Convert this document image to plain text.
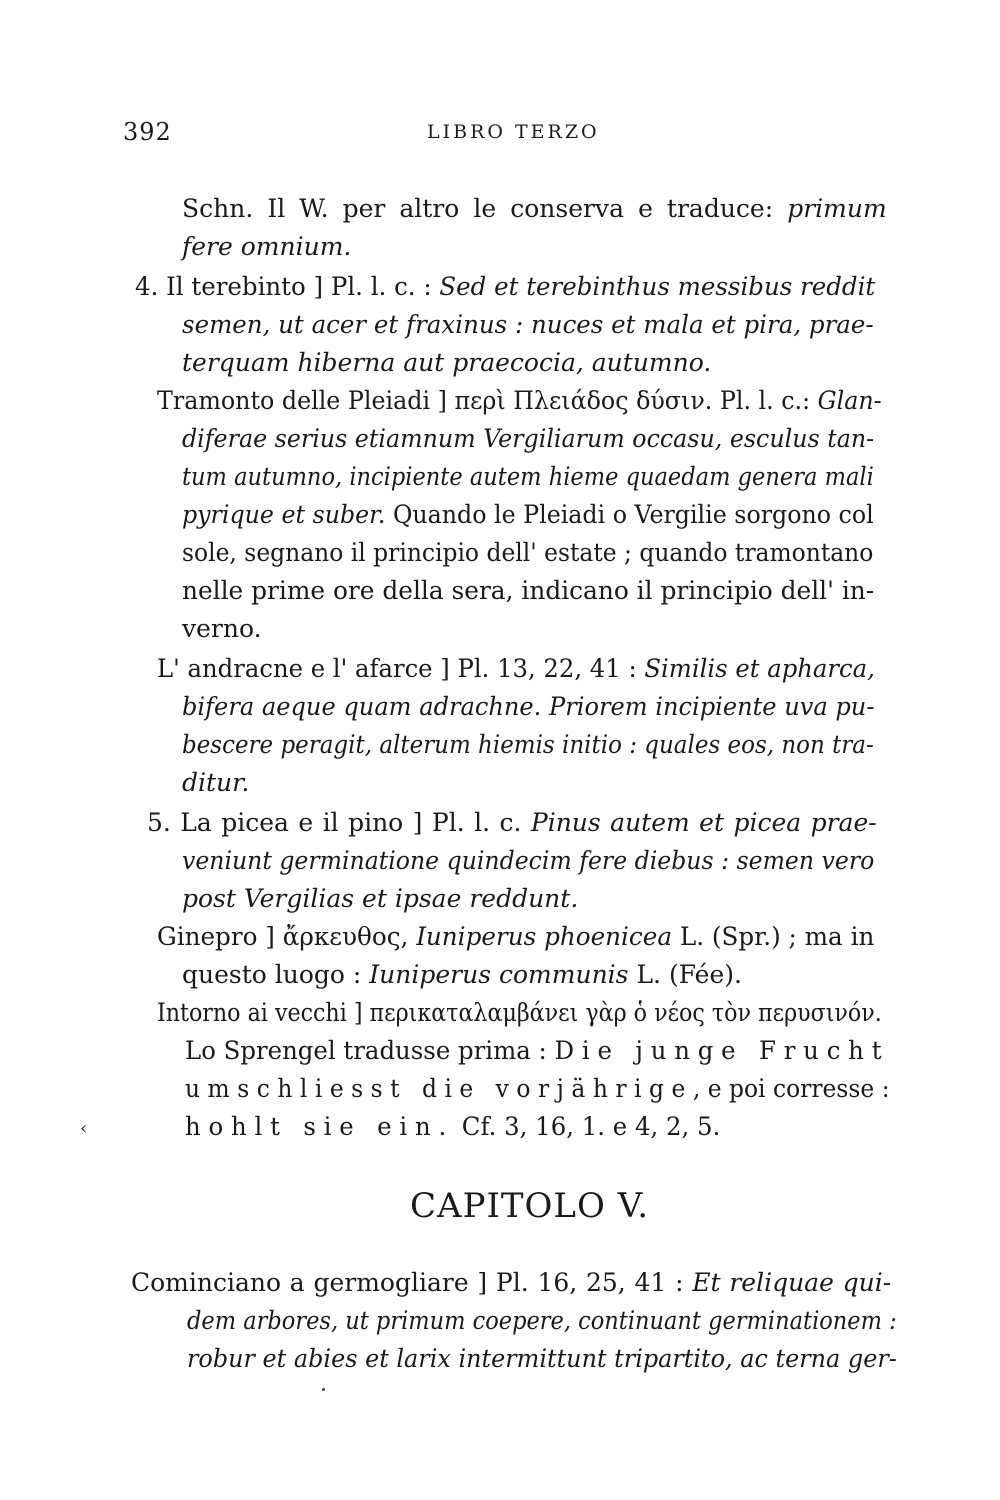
392	LIBRO TERZO
Schn. Il W. per altro le conserva e traduce: primum
fere omnium.
4. Il terebinto ] Pl. l. c. : Sed et terebinthus messibus reddit
semen, ut acer et fraxinus : nuces et mala et pira, prae-
terquam hiberna aut praecocia, autumno.
Tramonto delle Pleiadi ] περὶ Πλειάδος δύσιν. Pl. l. c.: Glan-
diferae serius etiamnum Vergiliarum occasu, esculus tan-
tum autumno, incipiente autem hieme quaedam genera mali
pyrique et suber. Quando le Pleiadi o Vergilie sorgono col
sole, segnano il principio dell' estate ; quando tramontano
nelle prime ore della sera, indicano il principio dell' in-
verno.
L' andracne e l' afarce ] Pl. 13, 22, 41 : Similis et apharca,
bifera aeque quam adrachne. Priorem incipiente uva pu-
bescere peragit, alterum hiemis initio : quales eos, non tra-
ditur.
5. La picea e il pino ] Pl. l. c. Pinus autem et picea prae-
veniunt germinatione quindecim fere diebus : semen vero
post Vergilias et ipsae reddunt.
Ginepro ] ἄρκευθος, Iuniperus phoenicea L. (Spr.) ; ma in
questo luogo : Iuniperus communis L. (Fée).
Intorno ai vecchi ] περικαταλαμβάνει γὰρ ὁ νέος τὸν περυσινόν.
Lo Sprengel tradusse prima : Die junge Frucht
umschliesst die vorjährige, e poi corresse :
hohlt sie ein. Cf. 3, 16, 1. e 4, 2, 5.
Cominciano a germogliare ] Pl. 16, 25, 41 : Et reliquae qui-
dem arbores, ut primum coepere, continuant germinationem :
robur et abies et larix intermittunt tripartito, ac terna ger-
‹
CAPITOLO V.
